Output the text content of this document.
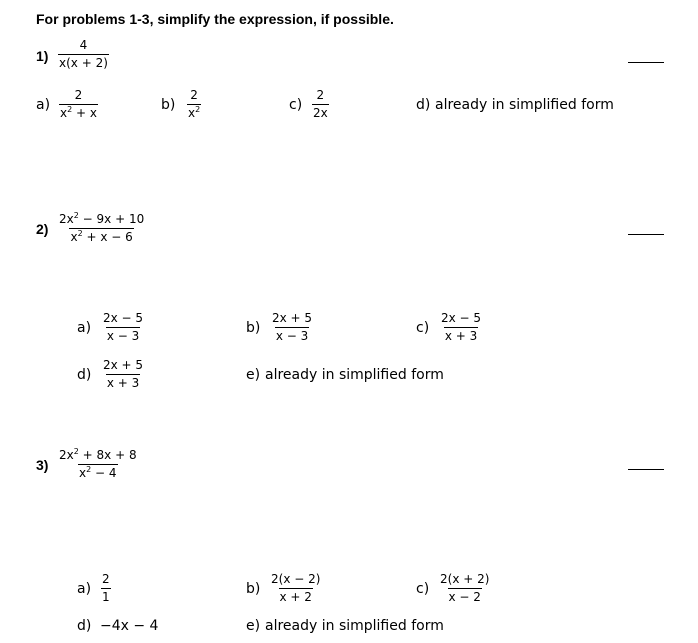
For problems 1-3, simplify the expression, if possible.
$1) \frac{4}{x(x + 2)}$
$a) \frac{2}{x^2 + x}$	$b) \frac{2}{x^2}$	$c) \frac{2}{2x}$	d) already in simplified form
$2) \frac{2x^2 - 9x + 10}{x^2 + x - 6}$
$a) \frac{2x - 5}{x - 3}$	$b) \frac{2x + 5}{x - 3}$	$c) \frac{2x - 5}{x + 3}$
$d) \frac{2x + 5}{x + 3}$	e) already in simplified form
$3) \frac{2x^2 + 8x + 8}{x^2 - 4}$
$a) \frac{2}{1}$	$b) \frac{2(x - 2)}{x + 2}$	$c) \frac{2(x + 2)}{x - 2}$
d) −4x − 4	e) already in simplified form
